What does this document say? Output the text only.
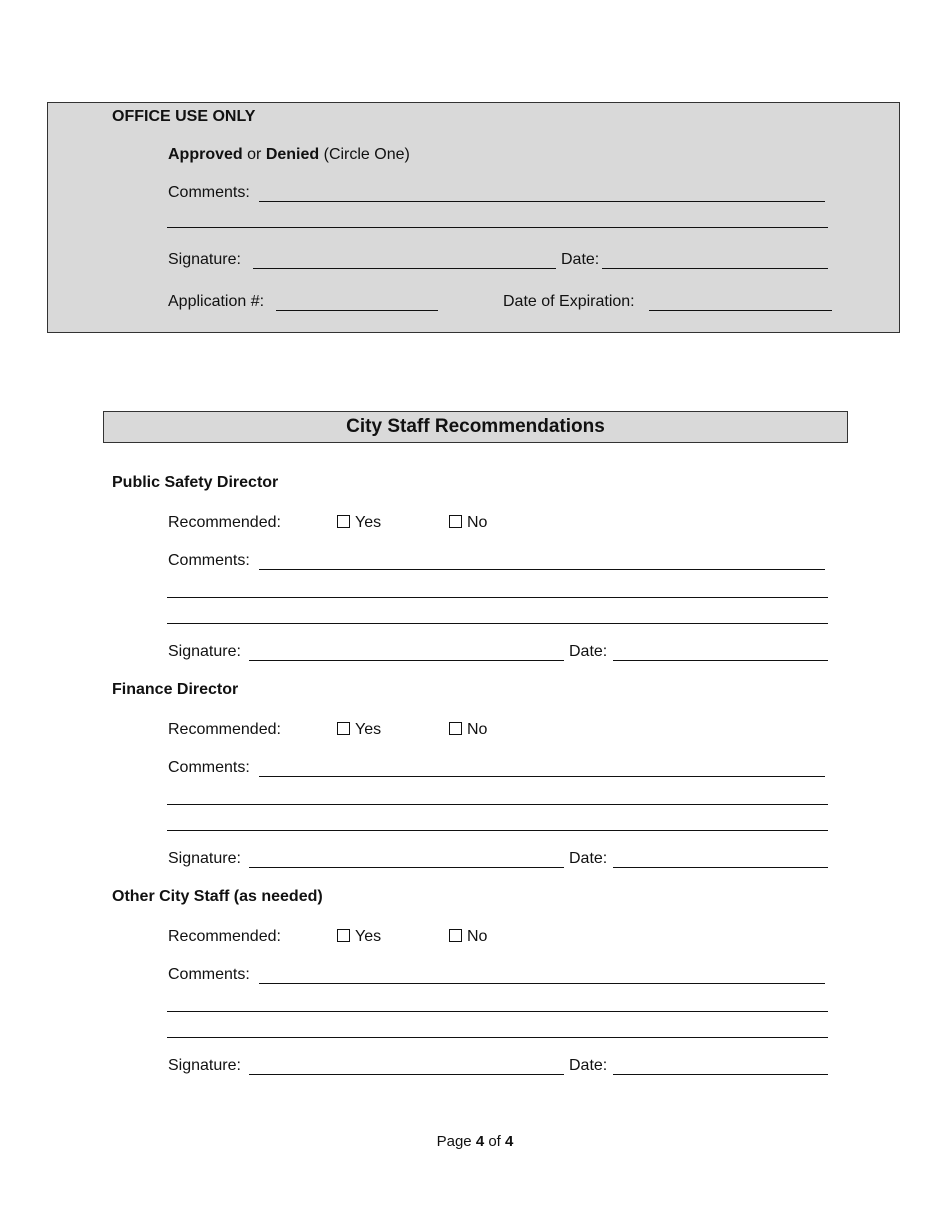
OFFICE USE ONLY
Approved or Denied (Circle One)
Comments:
Signature:	Date:
Application #:	Date of Expiration:
City Staff Recommendations
Public Safety Director
Recommended:	Yes	No
Comments:
Signature:	Date:
Finance Director
Recommended:	Yes	No
Comments:
Signature:	Date:
Other City Staff (as needed)
Recommended:	Yes	No
Comments:
Signature:	Date:
Page 4 of 4
